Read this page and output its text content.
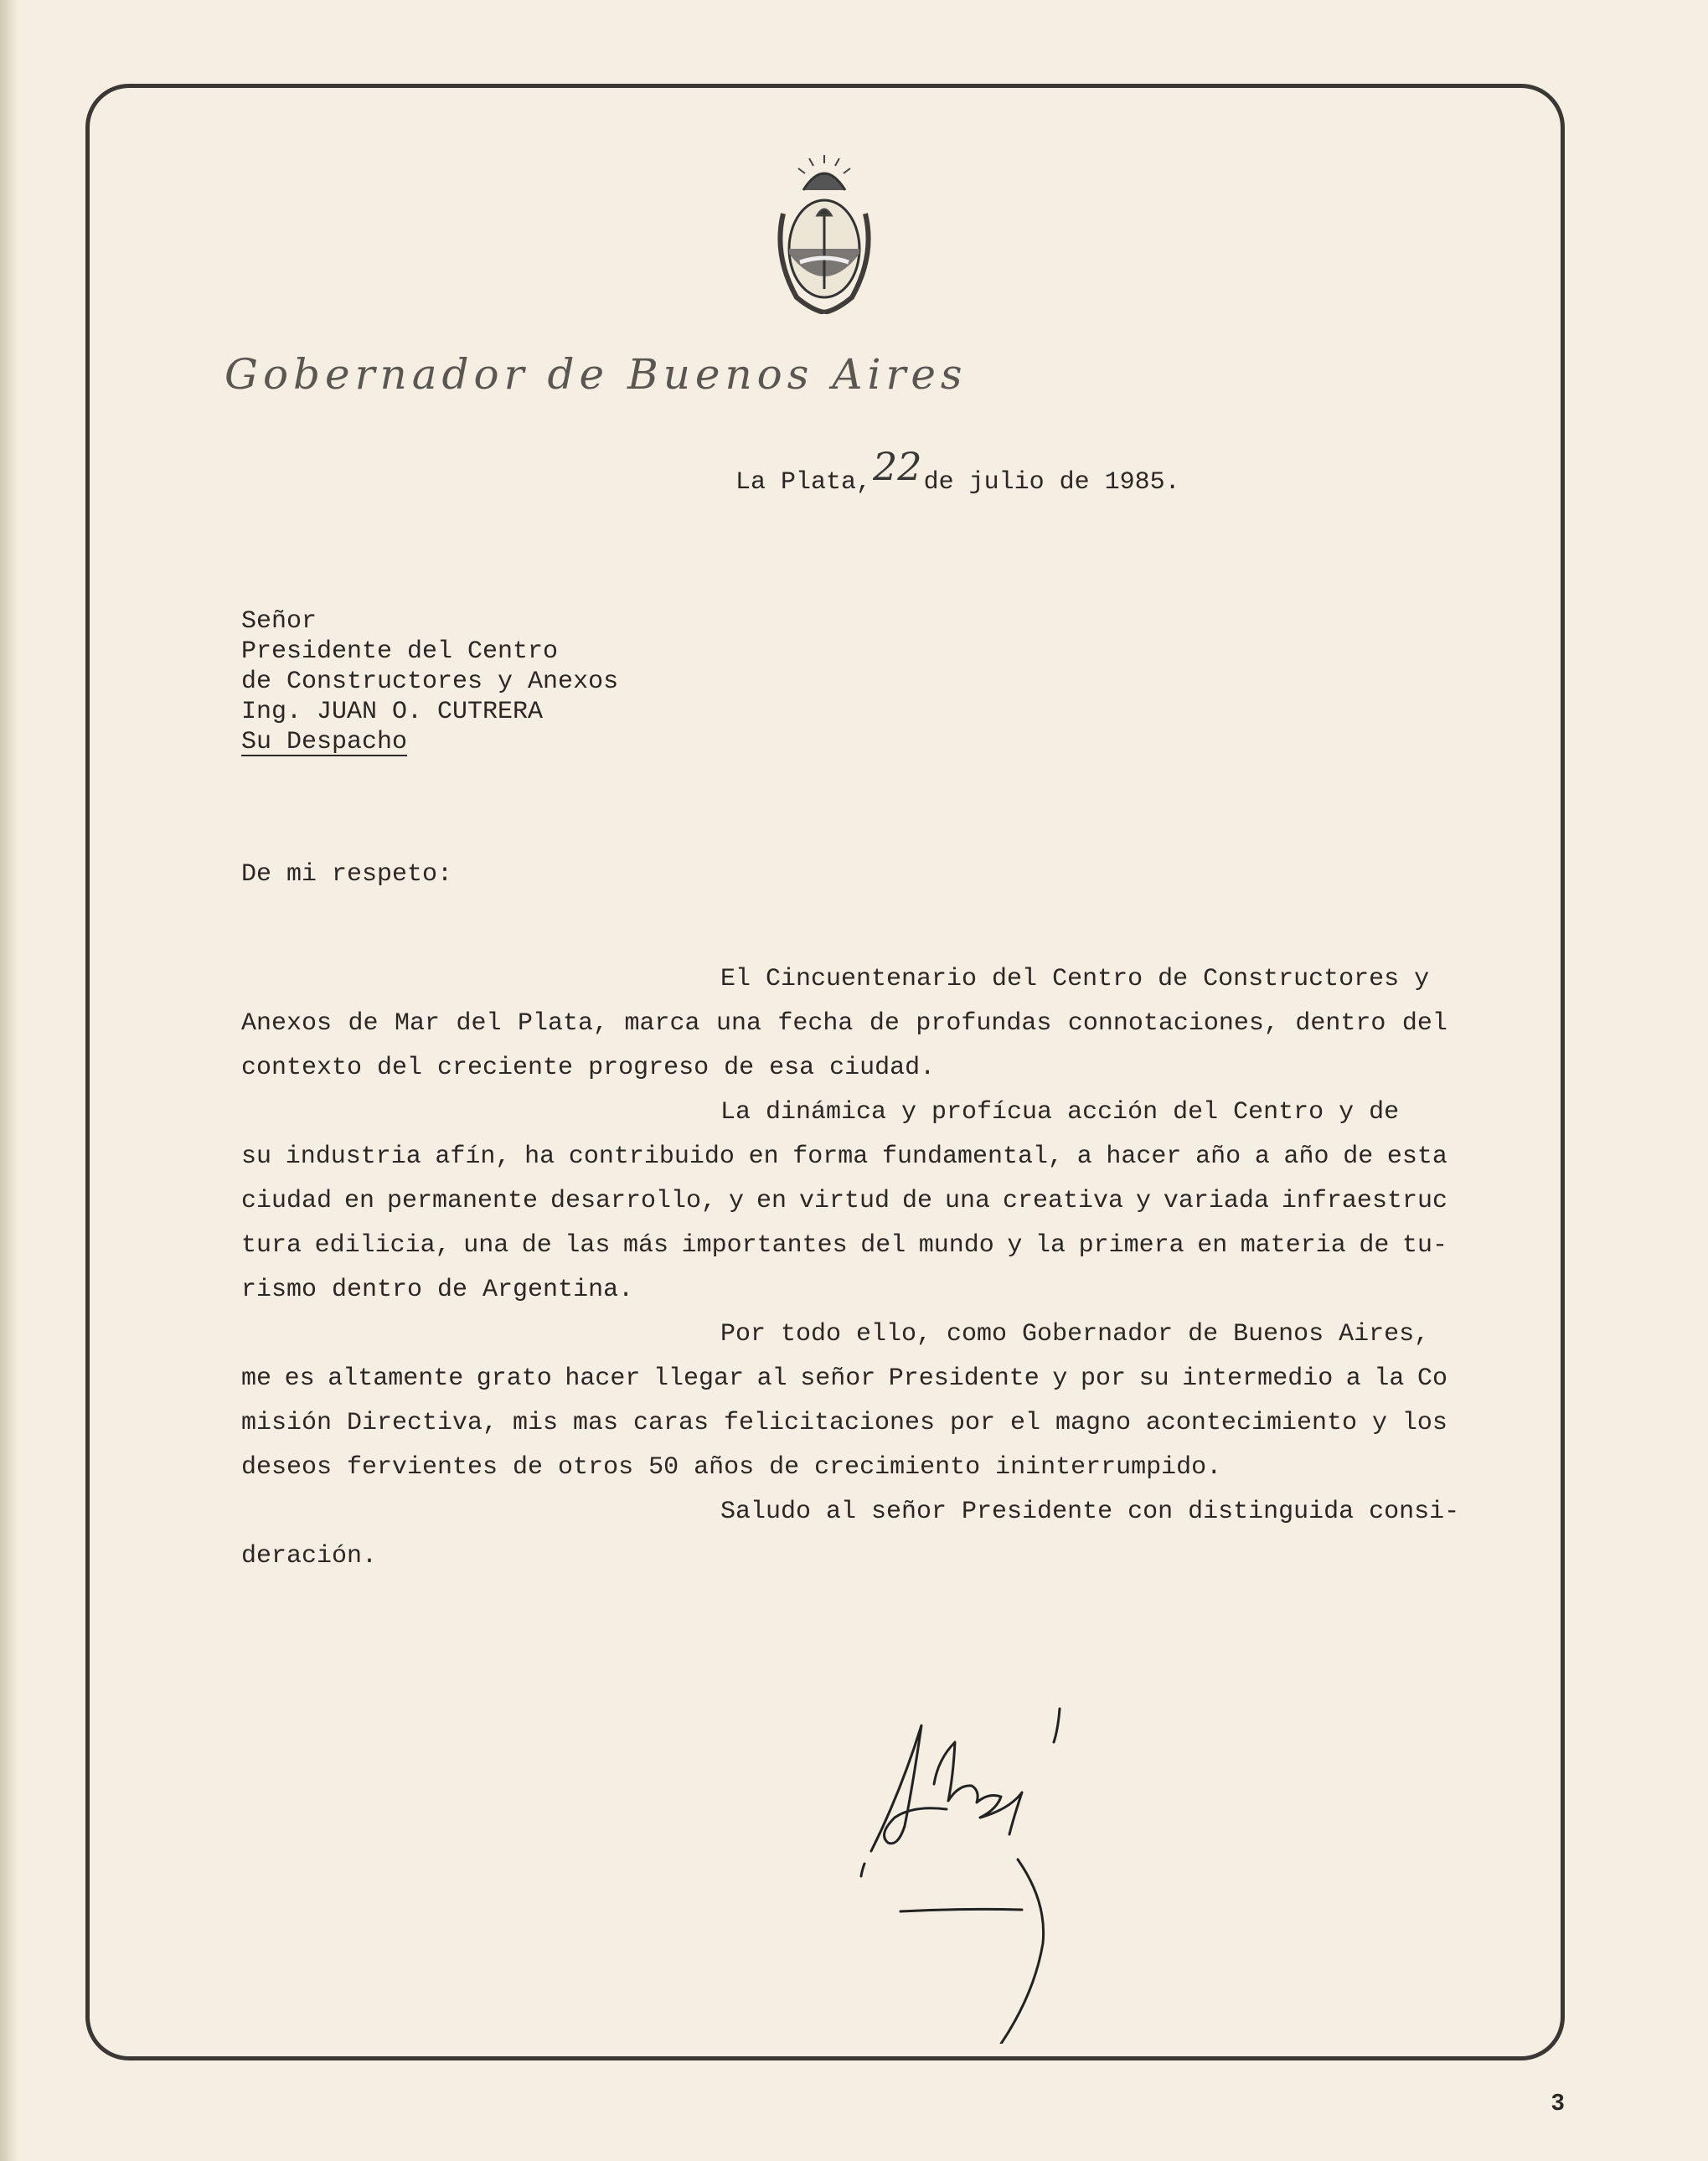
Gobernador de Buenos Aires
La Plata,22de julio de 1985.
Señor
Presidente del Centro
de Constructores y Anexos
Ing. JUAN O. CUTRERA
Su Despacho
De mi respeto:
El Cincuentenario del Centro de Constructores y
Anexos de Mar del Plata, marca una fecha de profundas connotaciones, dentro del
contexto del creciente progreso de esa ciudad.
La dinámica y profícua acción del Centro y de
su industria afín, ha contribuido en forma fundamental, a hacer año a año de esta
ciudad en permanente desarrollo, y en virtud de una creativa y variada infraestruc
tura edilicia, una de las más importantes del mundo y la primera en materia de tu-
rismo dentro de Argentina.
Por todo ello, como Gobernador de Buenos Aires,
me es altamente grato hacer llegar al señor Presidente y por su intermedio a la Co
misión Directiva, mis mas caras felicitaciones por el magno acontecimiento y los
deseos fervientes de otros 50 años de crecimiento ininterrumpido.
Saludo al señor Presidente con distinguida consi-
deración.
3
